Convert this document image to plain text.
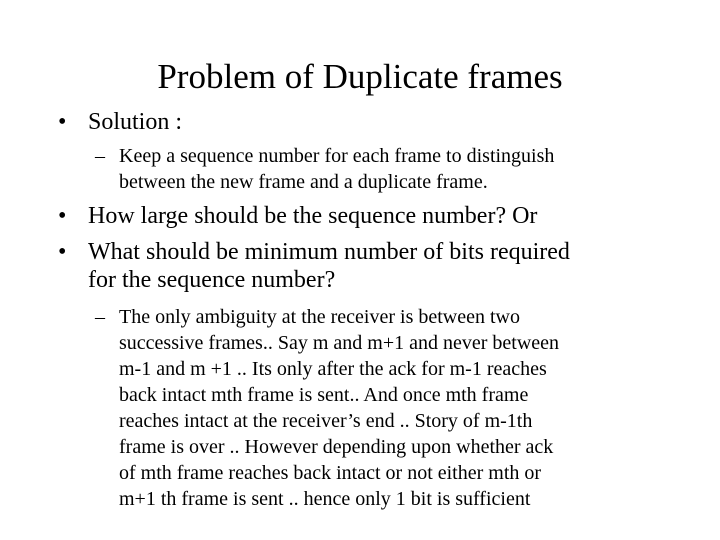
Problem of Duplicate frames
• Solution :
– Keep a sequence number for each frame to distinguish
between the new frame and a duplicate frame.
• How large should be the sequence number? Or
• What should be minimum number of bits required
for the sequence number?
– The only ambiguity at the receiver is between two
successive frames.. Say m and m+1 and never between
m-1 and m +1 .. Its only after the ack for m-1 reaches
back intact mth frame is sent.. And once mth frame
reaches intact at the receiver’s end .. Story of m-1th
frame is over .. However depending upon whether ack
of mth frame reaches back intact or not either mth or
m+1 th frame is sent .. hence only 1 bit is sufficient
